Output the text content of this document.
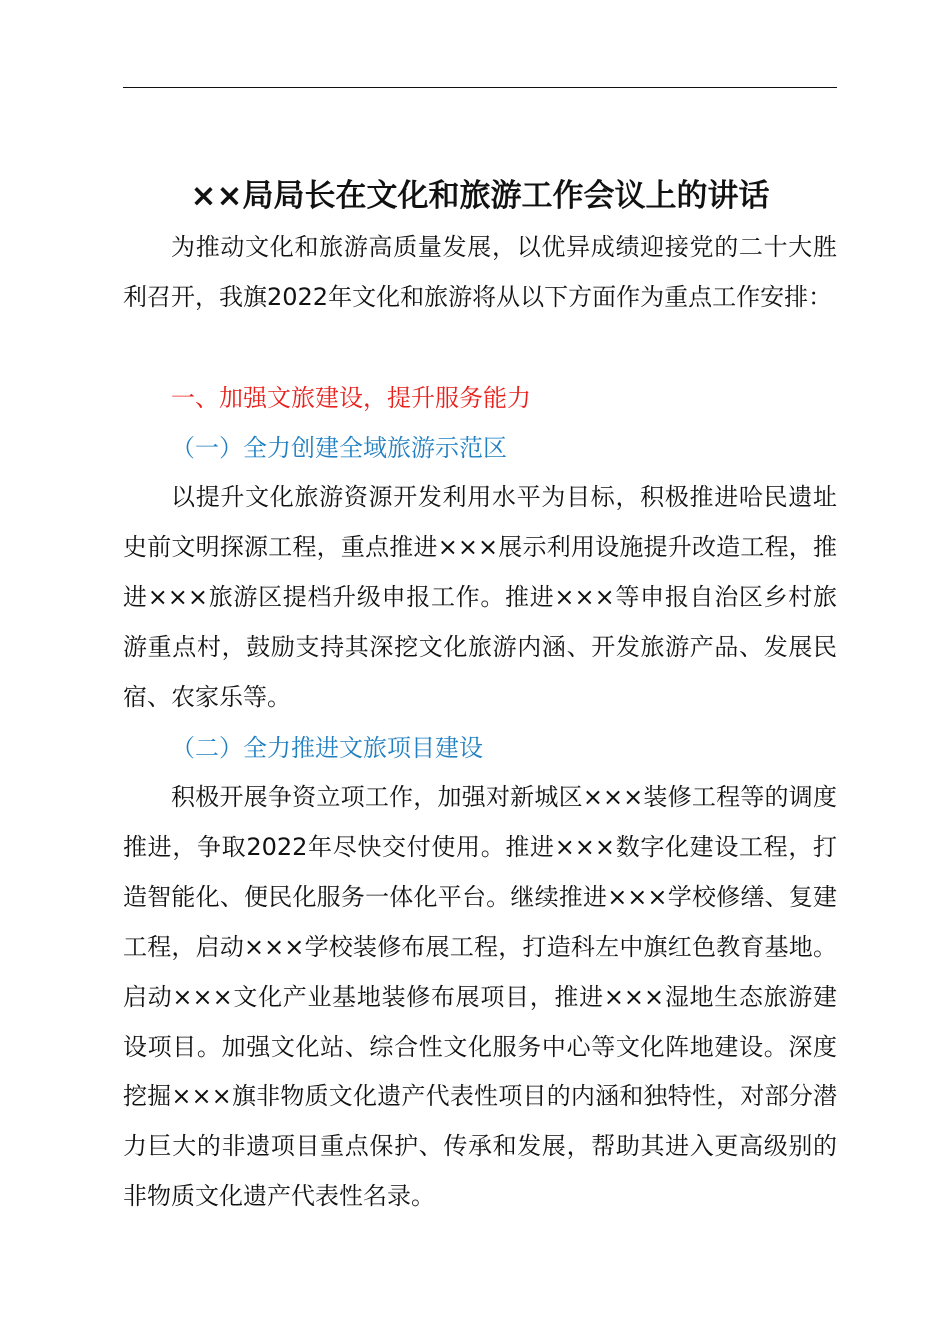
××局局长在文化和旅游工作会议上的讲话

为推动文化和旅游高质量发展，以优异成绩迎接党的二十大胜利召开，我旗2022年文化和旅游将从以下方面作为重点工作安排：

一、加强文旅建设，提升服务能力
（一）全力创建全域旅游示范区

以提升文化旅游资源开发利用水平为目标，积极推进哈民遗址史前文明探源工程，重点推进×××展示利用设施提升改造工程，推进×××旅游区提档升级申报工作。推进×××等申报自治区乡村旅游重点村，鼓励支持其深挖文化旅游内涵、开发旅游产品、发展民宿、农家乐等。

（二）全力推进文旅项目建设

积极开展争资立项工作，加强对新城区×××装修工程等的调度推进，争取2022年尽快交付使用。推进×××数字化建设工程，打造智能化、便民化服务一体化平台。继续推进×××学校修缮、复建工程，启动×××学校装修布展工程，打造科左中旗红色教育基地。启动×××文化产业基地装修布展项目，推进×××湿地生态旅游建设项目。加强文化站、综合性文化服务中心等文化阵地建设。深度挖掘×××旗非物质文化遗产代表性项目的内涵和独特性，对部分潜力巨大的非遗项目重点保护、传承和发展，帮助其进入更高级别的非物质文化遗产代表性名录。
